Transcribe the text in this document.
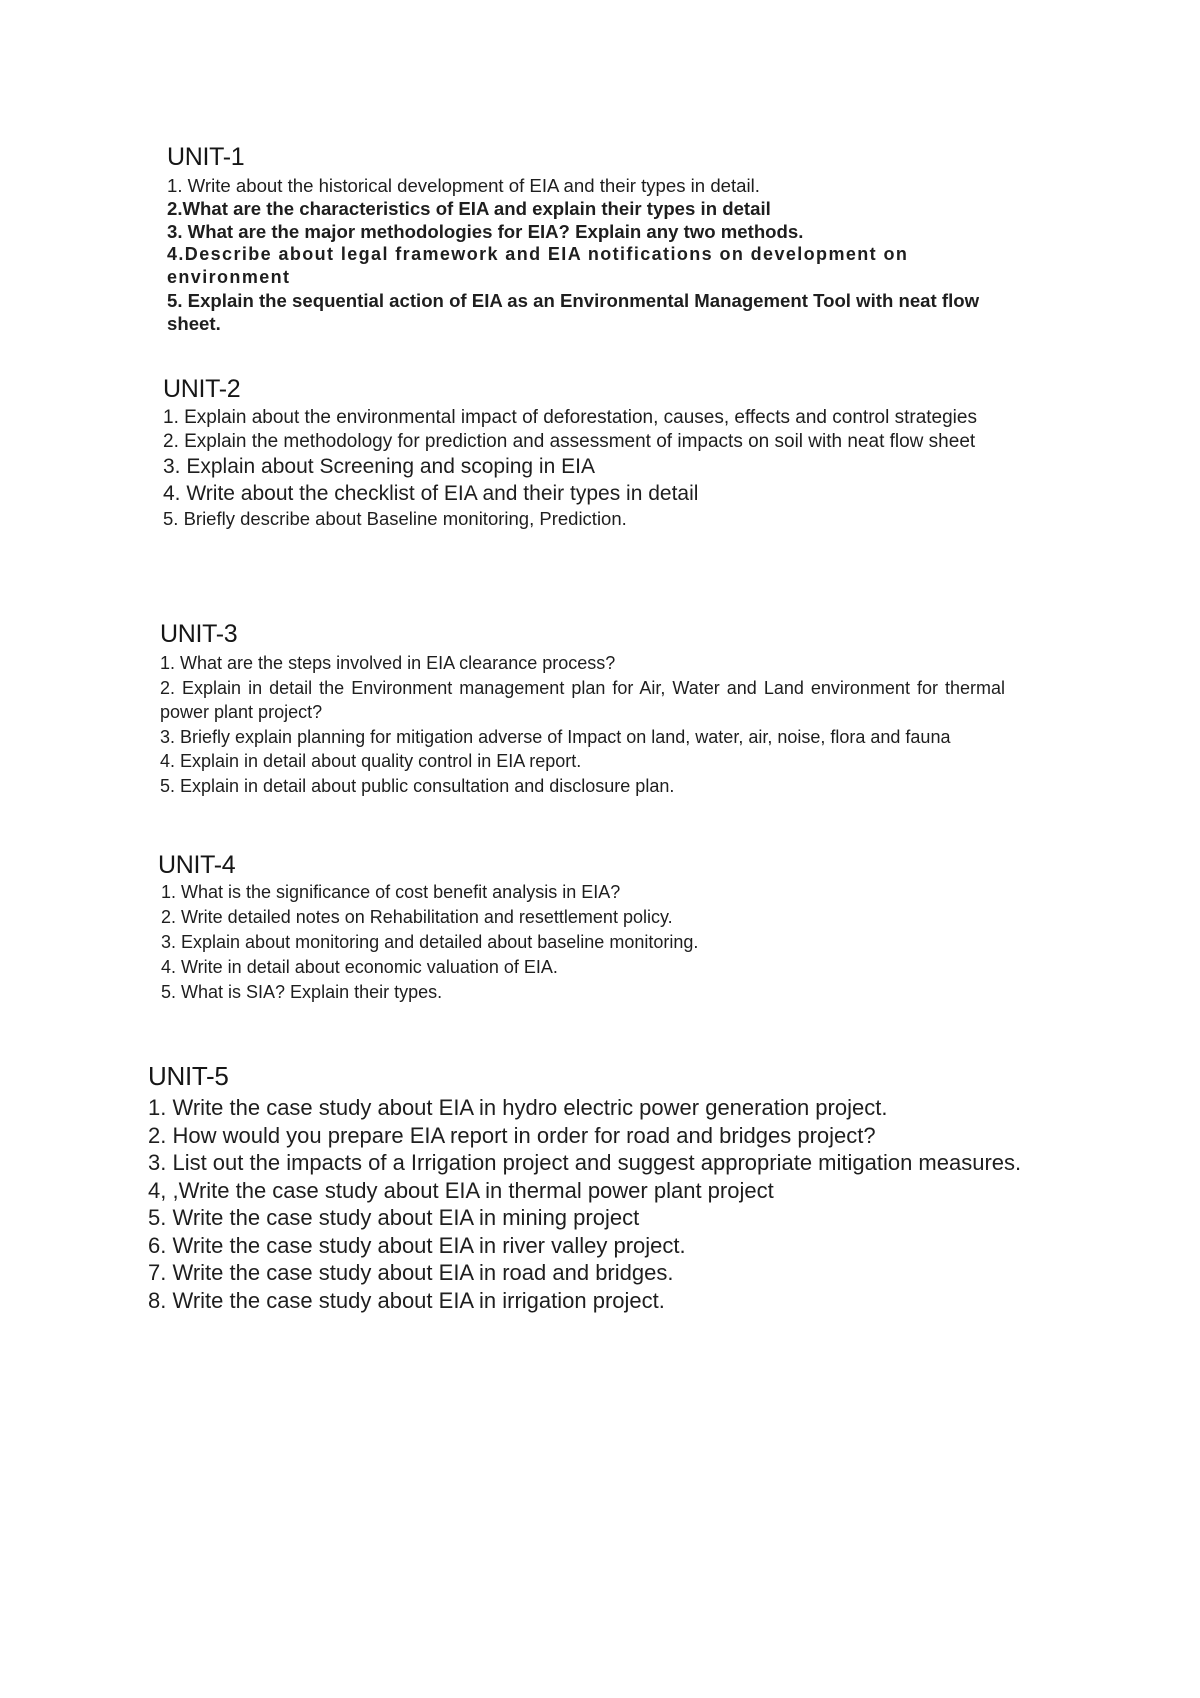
UNIT-1

1. Write about the historical development of EIA and their types in detail.

2.What are the characteristics of EIA and explain their types in detail

3. What are the major methodologies for EIA? Explain any two methods.

4.Describe about legal framework and EIA notifications on development on environment

5. Explain the sequential action of EIA as an Environmental Management Tool with neat flow sheet.

UNIT-2

1. Explain about the environmental impact of deforestation, causes, effects and control strategies

2. Explain the methodology for prediction and assessment of impacts on soil with neat flow sheet

3. Explain about Screening and scoping in EIA

4. Write about the checklist of EIA and their types in detail

5. Briefly describe about Baseline monitoring, Prediction.

UNIT-3

1. What are the steps involved in EIA clearance process?

2. Explain in detail the Environment management plan for Air, Water and Land environment for thermal power plant project?

3. Briefly explain planning for mitigation adverse of Impact on land, water, air, noise, flora and fauna

4. Explain in detail about quality control in EIA report.

5. Explain in detail about public consultation and disclosure plan.

UNIT-4

1. What is the significance of cost benefit analysis in EIA?

2. Write detailed notes on Rehabilitation and resettlement policy.

3. Explain about monitoring and detailed about baseline monitoring.

4. Write in detail about economic valuation of EIA.

5. What is SIA? Explain their types.

UNIT-5

1. Write the case study about EIA in hydro electric power generation project.

2. How would you prepare EIA report in order for road and bridges project?

3. List out the impacts of a Irrigation project and suggest appropriate mitigation measures.

4, ,Write the case study about EIA in thermal power plant project

5. Write the case study about EIA in mining project

6. Write the case study about EIA in river valley project.

7. Write the case study about EIA in road and bridges.

8. Write the case study about EIA in irrigation project.
